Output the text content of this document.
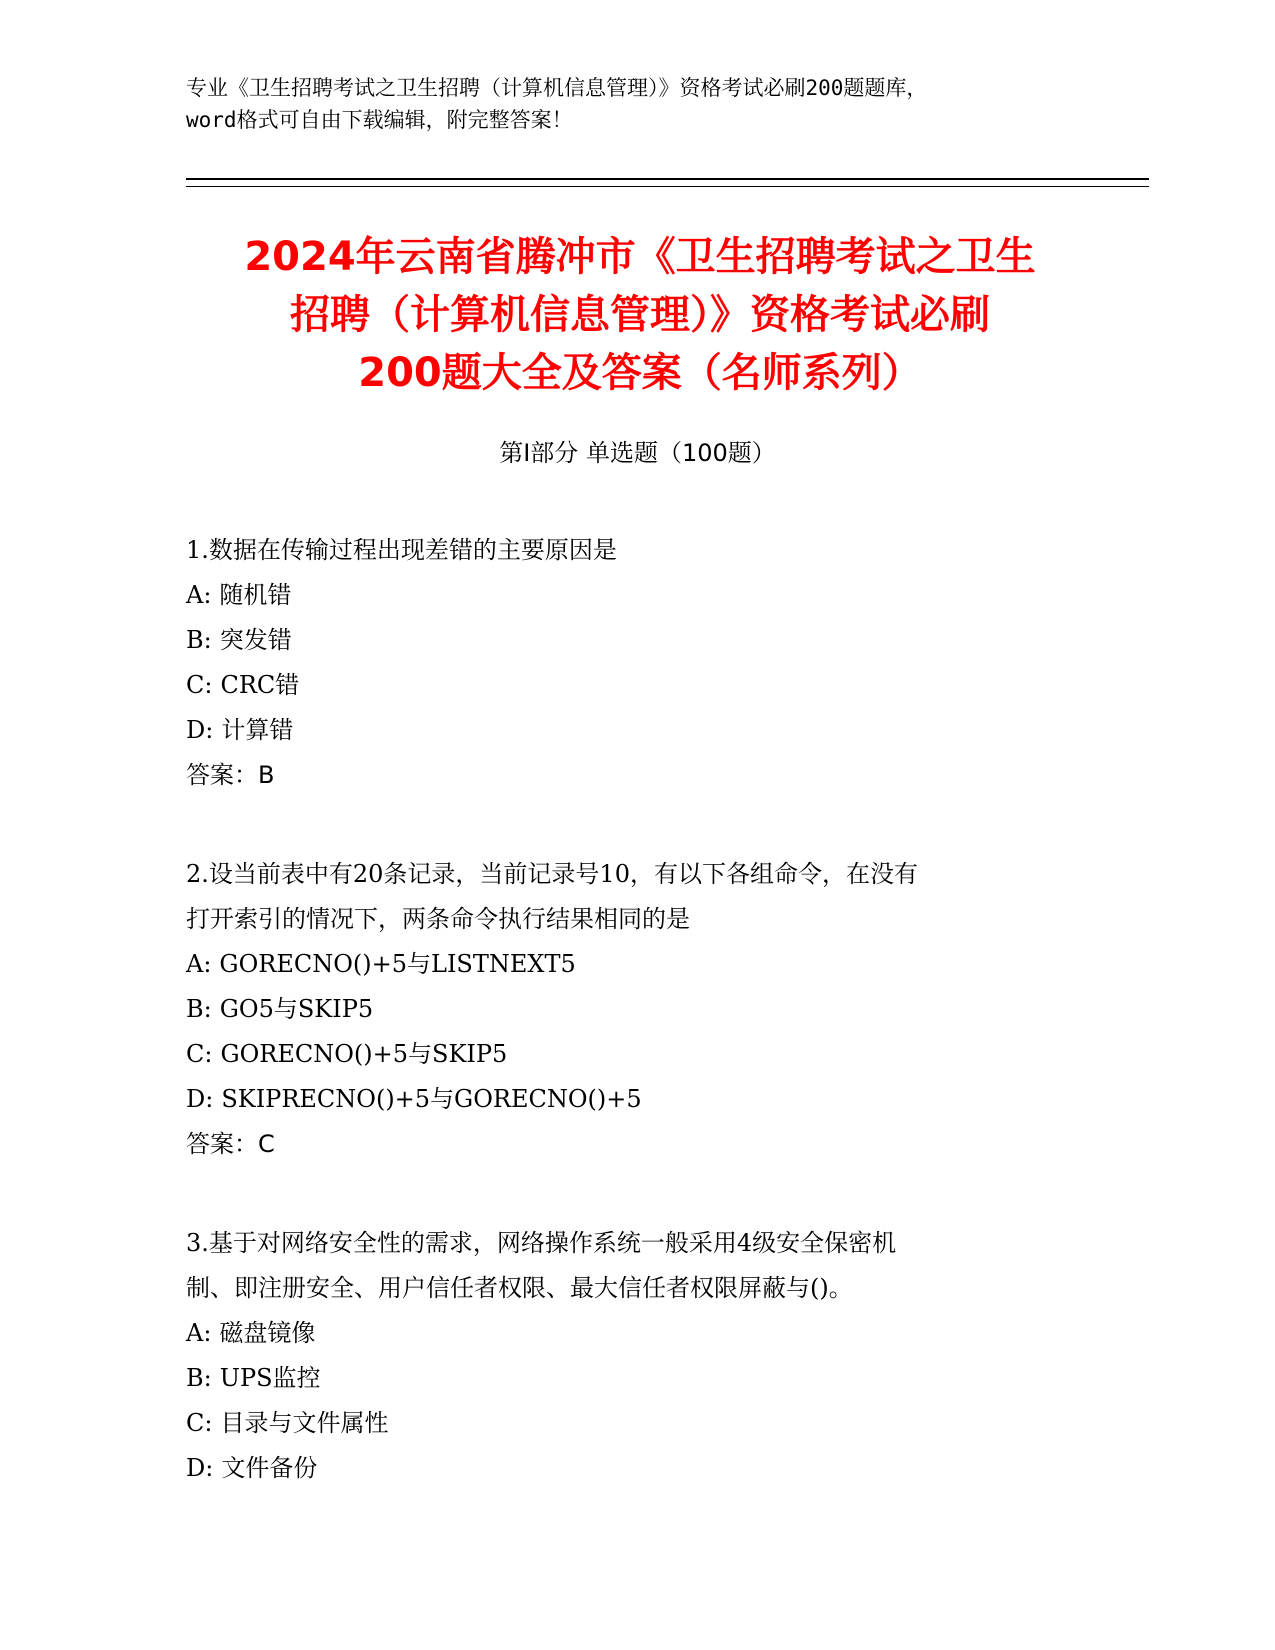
专业《卫生招聘考试之卫生招聘（计算机信息管理）》资格考试必刷200题题库，
word格式可自由下载编辑，附完整答案！
2024年云南省腾冲市《卫生招聘考试之卫生
招聘（计算机信息管理）》资格考试必刷
200题大全及答案（名师系列）
第Ⅰ部分 单选题（100题）
1.数据在传输过程出现差错的主要原因是
A: 随机错
B: 突发错
C: CRC错
D: 计算错
答案：B
2.设当前表中有20条记录，当前记录号10，有以下各组命令，在没有
打开索引的情况下，两条命令执行结果相同的是
A: GORECNO()+5与LISTNEXT5
B: GO5与SKIP5
C: GORECNO()+5与SKIP5
D: SKIPRECNO()+5与GORECNO()+5
答案：C
3.基于对网络安全性的需求，网络操作系统一般采用4级安全保密机
制、即注册安全、用户信任者权限、最大信任者权限屏蔽与()。
A: 磁盘镜像
B: UPS监控
C: 目录与文件属性
D: 文件备份
